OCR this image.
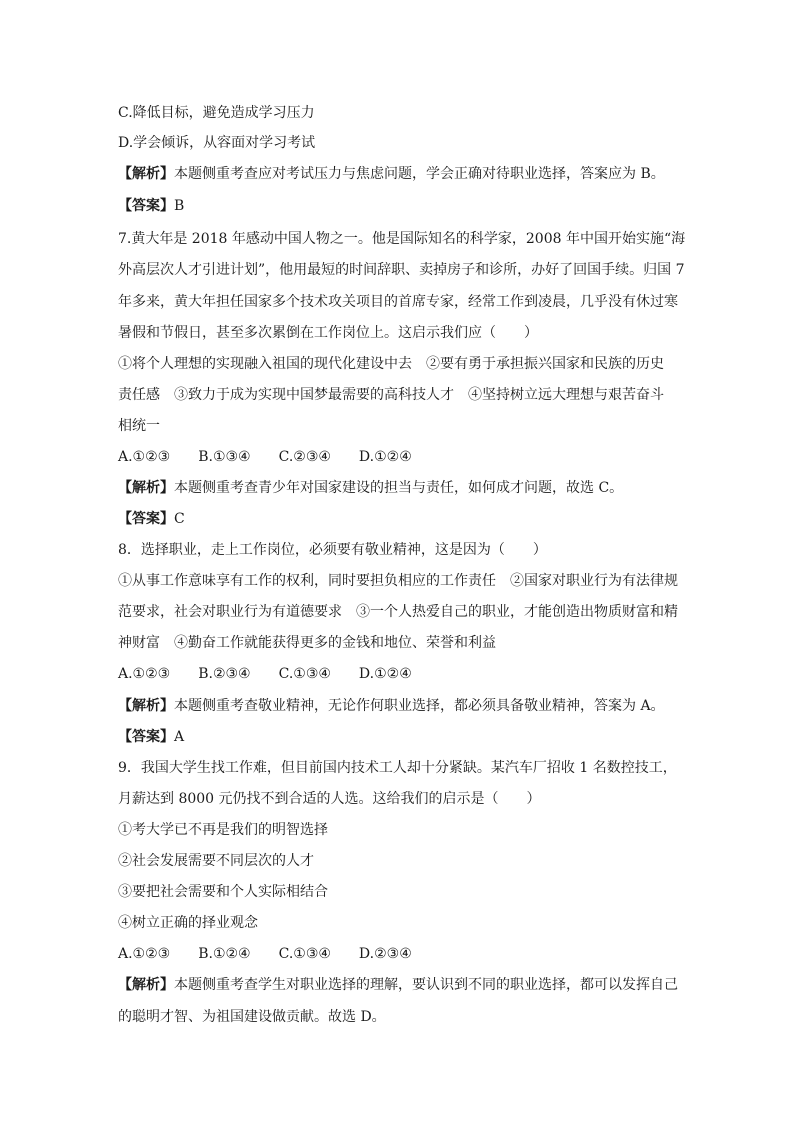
C.降低目标，避免造成学习压力
D.学会倾诉，从容面对学习考试
【解析】本题侧重考查应对考试压力与焦虑问题，学会正确对待职业选择，答案应为 B。
【答案】B
7.黄大年是 2018 年感动中国人物之一。他是国际知名的科学家，2008 年中国开始实施“海
外高层次人才引进计划”，他用最短的时间辞职、卖掉房子和诊所，办好了回国手续。归国 7
年多来，黄大年担任国家多个技术攻关项目的首席专家，经常工作到凌晨，几乎没有休过寒
暑假和节假日，甚至多次累倒在工作岗位上。这启示我们应（　　）
①将个人理想的实现融入祖国的现代化建设中去　②要有勇于承担振兴国家和民族的历史
责任感　③致力于成为实现中国梦最需要的高科技人才　④坚持树立远大理想与艰苦奋斗
相统一
A.①②③　　B.①③④　　C.②③④　　D.①②④
【解析】本题侧重考查青少年对国家建设的担当与责任，如何成才问题，故选 C。
【答案】C
8．选择职业，走上工作岗位，必须要有敬业精神，这是因为（　　）
①从事工作意味享有工作的权利，同时要担负相应的工作责任　②国家对职业行为有法律规
范要求，社会对职业行为有道德要求　③一个人热爱自己的职业，才能创造出物质财富和精
神财富　④勤奋工作就能获得更多的金钱和地位、荣誉和利益
A.①②③　　B.②③④　　C.①③④　　D.①②④
【解析】本题侧重考查敬业精神，无论作何职业选择，都必须具备敬业精神，答案为 A。
【答案】A
9．我国大学生找工作难，但目前国内技术工人却十分紧缺。某汽车厂招收 1 名数控技工，
月薪达到 8000 元仍找不到合适的人选。这给我们的启示是（　　）
①考大学已不再是我们的明智选择
②社会发展需要不同层次的人才
③要把社会需要和个人实际相结合
④树立正确的择业观念
A.①②③　　B.①②④　　C.①③④　　D.②③④
【解析】本题侧重考查学生对职业选择的理解，要认识到不同的职业选择，都可以发挥自己
的聪明才智、为祖国建设做贡献。故选 D。
